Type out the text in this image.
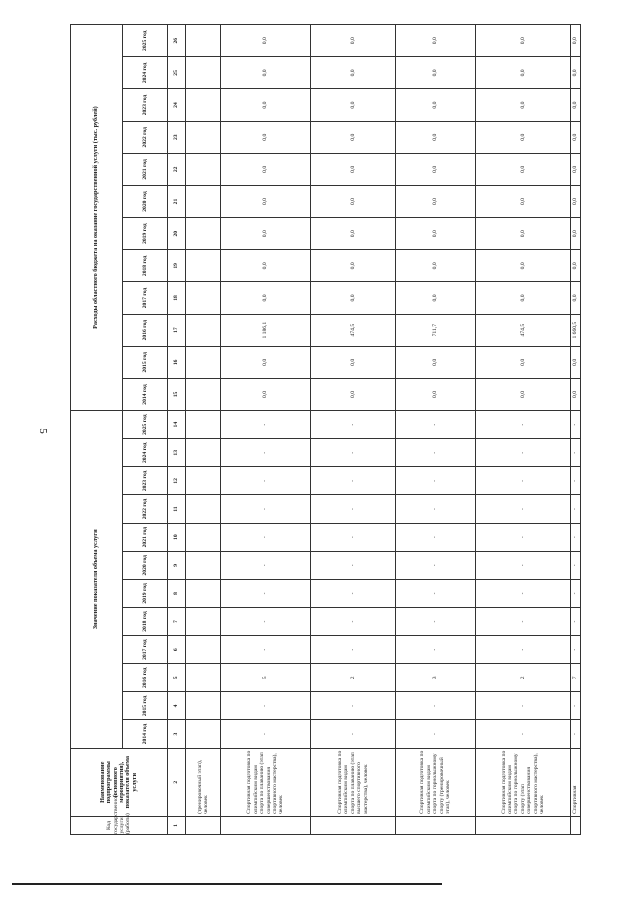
5
Код государственной услуги (работы)	Наименование подпрограммы (основного мероприятия), показателя объема услуги	Значение показателя объема услуги												Расходы областного бюджета на оказание государственной услуги (тыс. рублей)											
		2014 год	2015 год	2016 год	2017 год	2018 год	2019 год	2020 год	2021 год	2022 год	2023 год	2024 год	2025 год	2014 год	2015 год	2016 год	2017 год	2018 год	2019 год	2020 год	2021 год	2022 год	2023 год	2024 год	2025 год
1	2	3	4	5	6	7	8	9	10	11	12	13	14	15	16	17	18	19	20	21	22	23	24	25	26
	(тренировочный этап), человек																								
	Спортивная подготовка по олимпийским видам спорта по плаванию (этап совершенствования спортивного мастерства), человек	-	-	5	-	-	-	-	-	-	-	-	-	0,0	0,0	1 186,1	0,0	0,0	0,0	0,0	0,0	0,0	0,0	0,0	0,0
	Спортивная подготовка по олимпийским видам спорта по плаванию (этап высшего спортивного мастерства), человек	-	-	2	-	-	-	-	-	-	-	-	-	0,0	0,0	474,5	0,0	0,0	0,0	0,0	0,0	0,0	0,0	0,0	0,0
	Спортивная подготовка по олимпийским видам спорта по горнолыжному спорту (тренировочный этап), человек	-	-	3	-	-	-	-	-	-	-	-	-	0,0	0,0	711,7	0,0	0,0	0,0	0,0	0,0	0,0	0,0	0,0	0,0
	Спортивная подготовка по олимпийским видам спорта по горнолыжному спорту (этап совершенствования спортивного мастерства), человек	-	-	2	-	-	-	-	-	-	-	-	-	0,0	0,0	474,5	0,0	0,0	0,0	0,0	0,0	0,0	0,0	0,0	0,0
	Спортивная	-	-	7	-	-	-	-	-	-	-	-	-	0,0	0,0	1 660,5	0,0	0,0	0,0	0,0	0,0	0,0	0,0	0,0	0,0
